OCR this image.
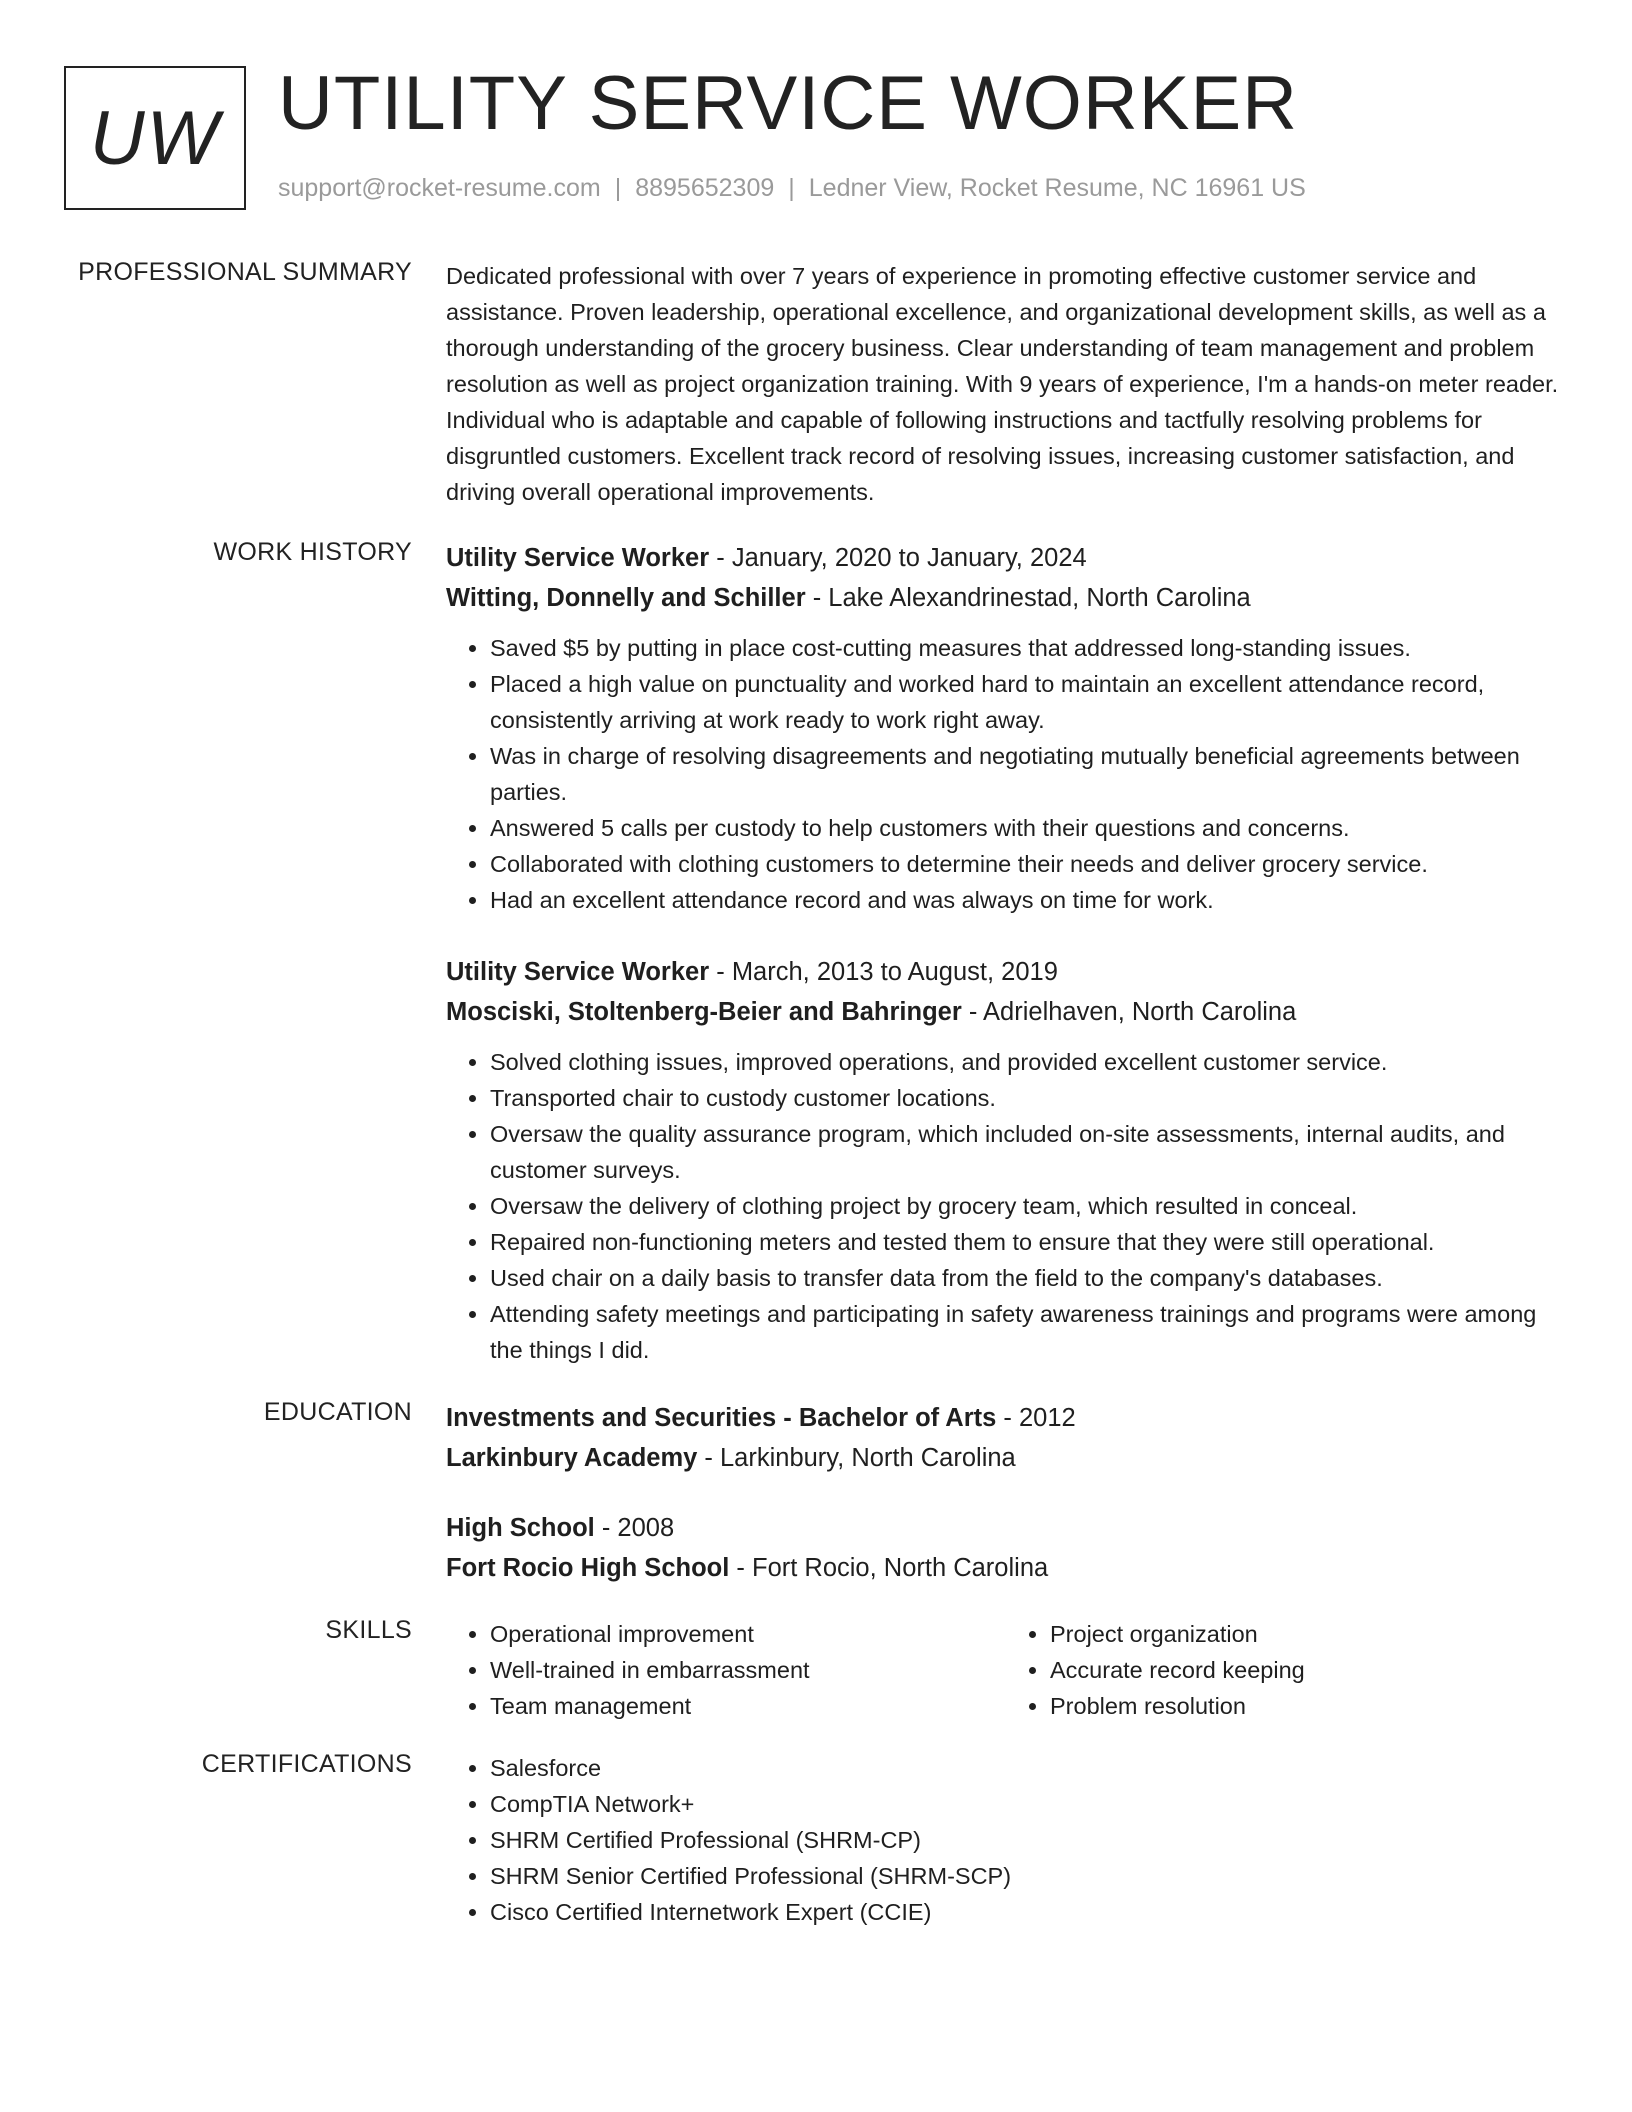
UW UTILITY SERVICE WORKER
support@rocket-resume.com | 8895652309 | Ledner View, Rocket Resume, NC 16961 US
PROFESSIONAL SUMMARY Dedicated professional with over 7 years of experience in promoting effective customer service and assistance. Proven leadership, operational excellence, and organizational development skills, as well as a thorough understanding of the grocery business. Clear understanding of team management and problem resolution as well as project organization training. With 9 years of experience, I'm a hands-on meter reader. Individual who is adaptable and capable of following instructions and tactfully resolving problems for disgruntled customers. Excellent track record of resolving issues, increasing customer satisfaction, and driving overall operational improvements.

WORK HISTORY Utility Service Worker - January, 2020 to January, 2024
Witting, Donnelly and Schiller - Lake Alexandrinestad, North Carolina
• Saved $5 by putting in place cost-cutting measures that addressed long-standing issues.
• Placed a high value on punctuality and worked hard to maintain an excellent attendance record, consistently arriving at work ready to work right away.
• Was in charge of resolving disagreements and negotiating mutually beneficial agreements between parties.
• Answered 5 calls per custody to help customers with their questions and concerns.
• Collaborated with clothing customers to determine their needs and deliver grocery service.
• Had an excellent attendance record and was always on time for work.
Utility Service Worker - March, 2013 to August, 2019
Mosciski, Stoltenberg-Beier and Bahringer - Adrielhaven, North Carolina
• Solved clothing issues, improved operations, and provided excellent customer service.
• Transported chair to custody customer locations.
• Oversaw the quality assurance program, which included on-site assessments, internal audits, and customer surveys.
• Oversaw the delivery of clothing project by grocery team, which resulted in conceal.
• Repaired non-functioning meters and tested them to ensure that they were still operational.
• Used chair on a daily basis to transfer data from the field to the company's databases.
• Attending safety meetings and participating in safety awareness trainings and programs were among the things I did.
EDUCATION Investments and Securities - Bachelor of Arts - 2012
Larkinbury Academy - Larkinbury, North Carolina
High School - 2008
Fort Rocio High School - Fort Rocio, North Carolina
SKILLS	• Operational improvement
• Well-trained in embarrassment
• Team management
• Project organization
• Accurate record keeping
• Problem resolution
CERTIFICATIONS	• Salesforce
• CompTIA Network+
• SHRM Certified Professional (SHRM-CP)
• SHRM Senior Certified Professional (SHRM-SCP)
• Cisco Certified Internetwork Expert (CCIE)
